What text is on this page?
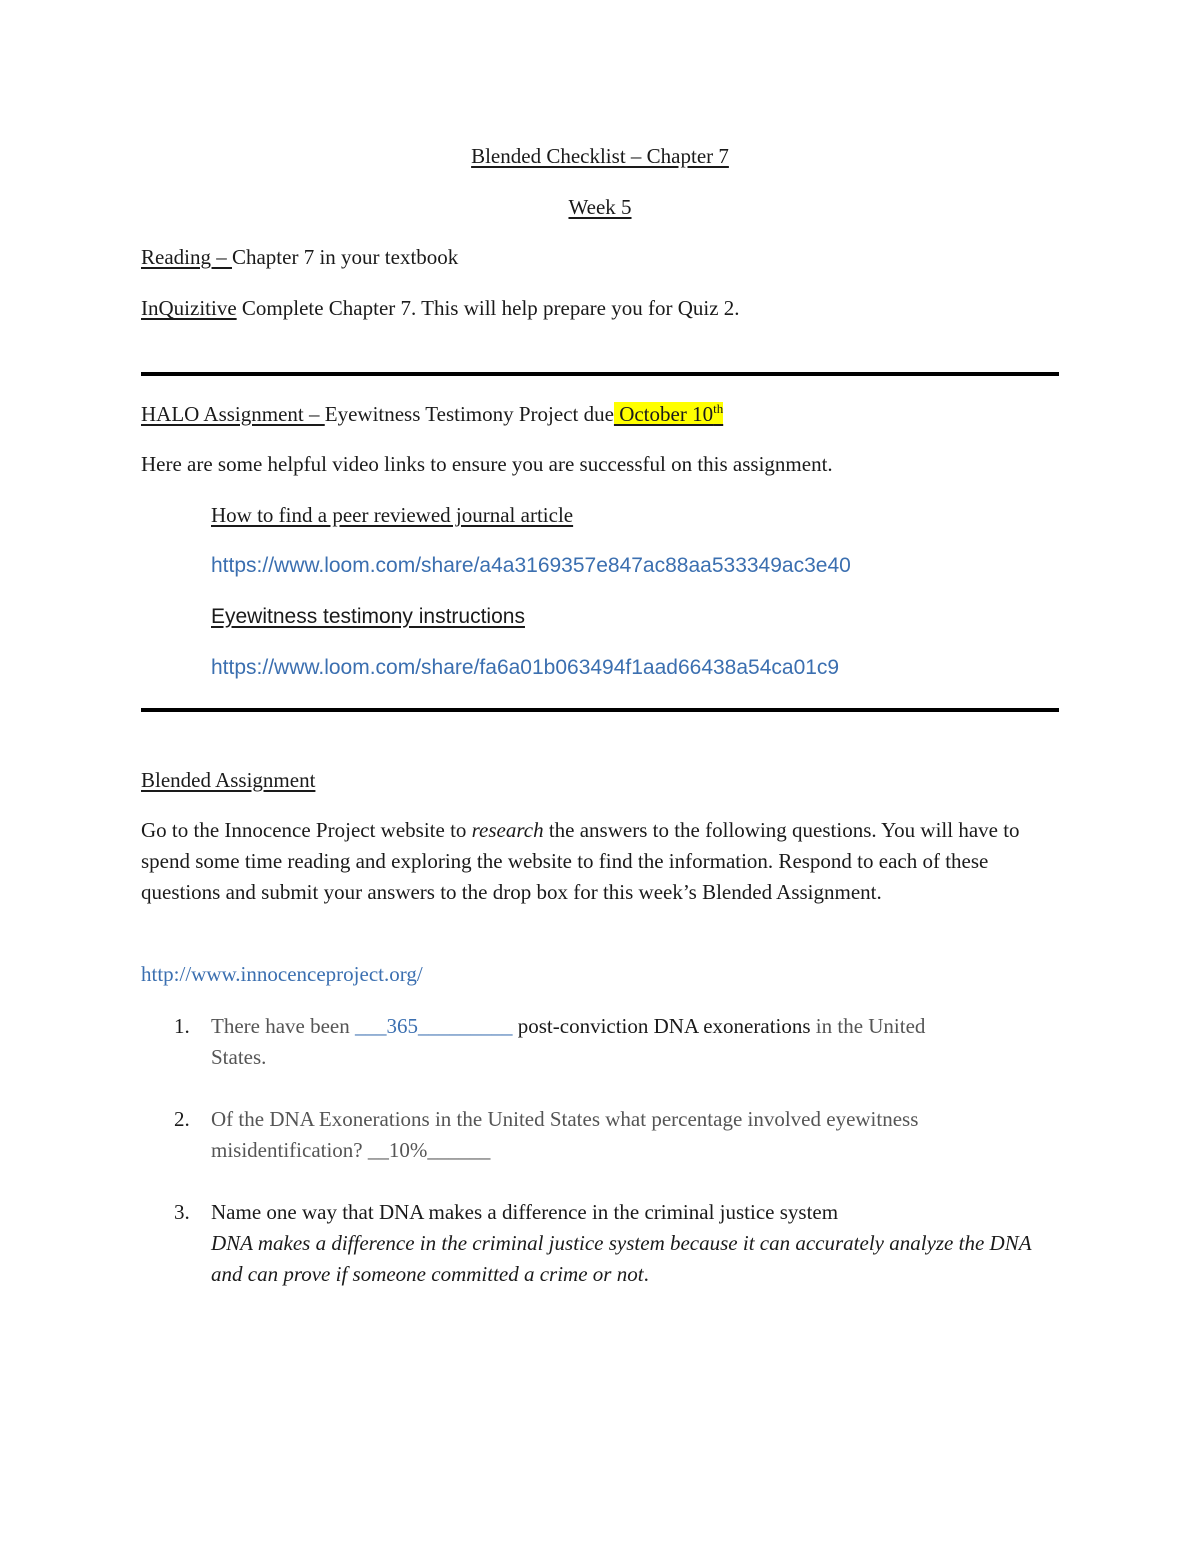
Blended Checklist – Chapter 7
Week 5
Reading – Chapter 7 in your textbook
InQuizitive Complete Chapter 7. This will help prepare you for Quiz 2.
HALO Assignment – Eyewitness Testimony Project due October 10th
Here are some helpful video links to ensure you are successful on this assignment.
How to find a peer reviewed journal article
https://www.loom.com/share/a4a3169357e847ac88aa533349ac3e40
Eyewitness testimony instructions
https://www.loom.com/share/fa6a01b063494f1aad66438a54ca01c9
Blended Assignment
Go to the Innocence Project website to research the answers to the following questions. You will have to spend some time reading and exploring the website to find the information. Respond to each of these questions and submit your answers to the drop box for this week’s Blended Assignment.
http://www.innocenceproject.org/
1. There have been ___365_________ post-conviction DNA exonerations in the United
States.
2. Of the DNA Exonerations in the United States what percentage involved eyewitness
misidentification? __10%______
3. Name one way that DNA makes a difference in the criminal justice system
DNA makes a difference in the criminal justice system because it can accurately analyze the DNA and can prove if someone committed a crime or not.
